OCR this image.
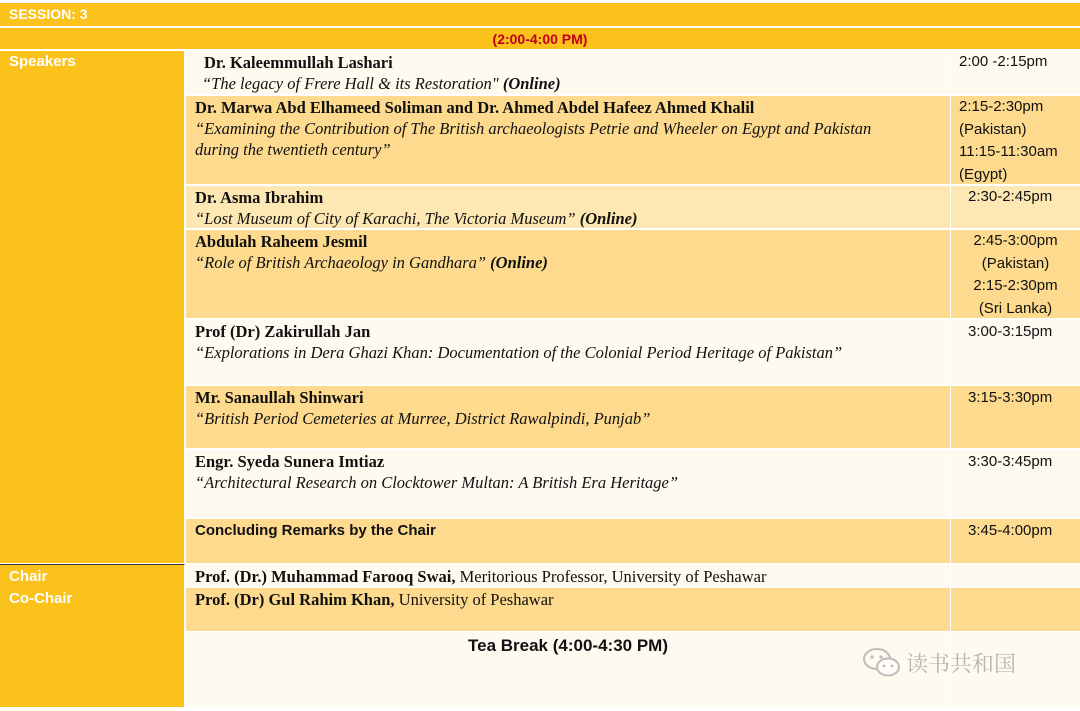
SESSION: 3
(2:00-4:00 PM)
Speakers
Chair
Co-Chair
Dr. Kaleemmullah Lashari
“The legacy of Frere Hall & its Restoration" (Online)
Dr. Marwa Abd Elhameed Soliman and Dr. Ahmed Abdel Hafeez Ahmed Khalil
“Examining the Contribution of The British archaeologists Petrie and Wheeler on Egypt and Pakistan during the twentieth century”
Dr. Asma Ibrahim
“Lost Museum of City of Karachi, The Victoria Museum” (Online)
Abdulah Raheem Jesmil
“Role of British Archaeology in Gandhara” (Online)
Prof (Dr) Zakirullah Jan
“Explorations in Dera Ghazi Khan: Documentation of the Colonial Period Heritage of Pakistan”
Mr. Sanaullah Shinwari
“British Period Cemeteries at Murree, District Rawalpindi, Punjab”
Engr. Syeda Sunera Imtiaz
“Architectural Research on Clocktower Multan: A British Era Heritage”
Concluding Remarks by the Chair
2:00 -2:15pm
2:15-2:30pm
(Pakistan)
11:15-11:30am
(Egypt)
2:30-2:45pm
2:45-3:00pm
(Pakistan)
2:15-2:30pm
(Sri Lanka)
3:00-3:15pm
3:15-3:30pm
3:30-3:45pm
3:45-4:00pm
Prof. (Dr.) Muhammad Farooq Swai, Meritorious Professor, University of Peshawar
Prof. (Dr) Gul Rahim Khan, University of Peshawar
Tea Break (4:00-4:30 PM)
读书共和国
